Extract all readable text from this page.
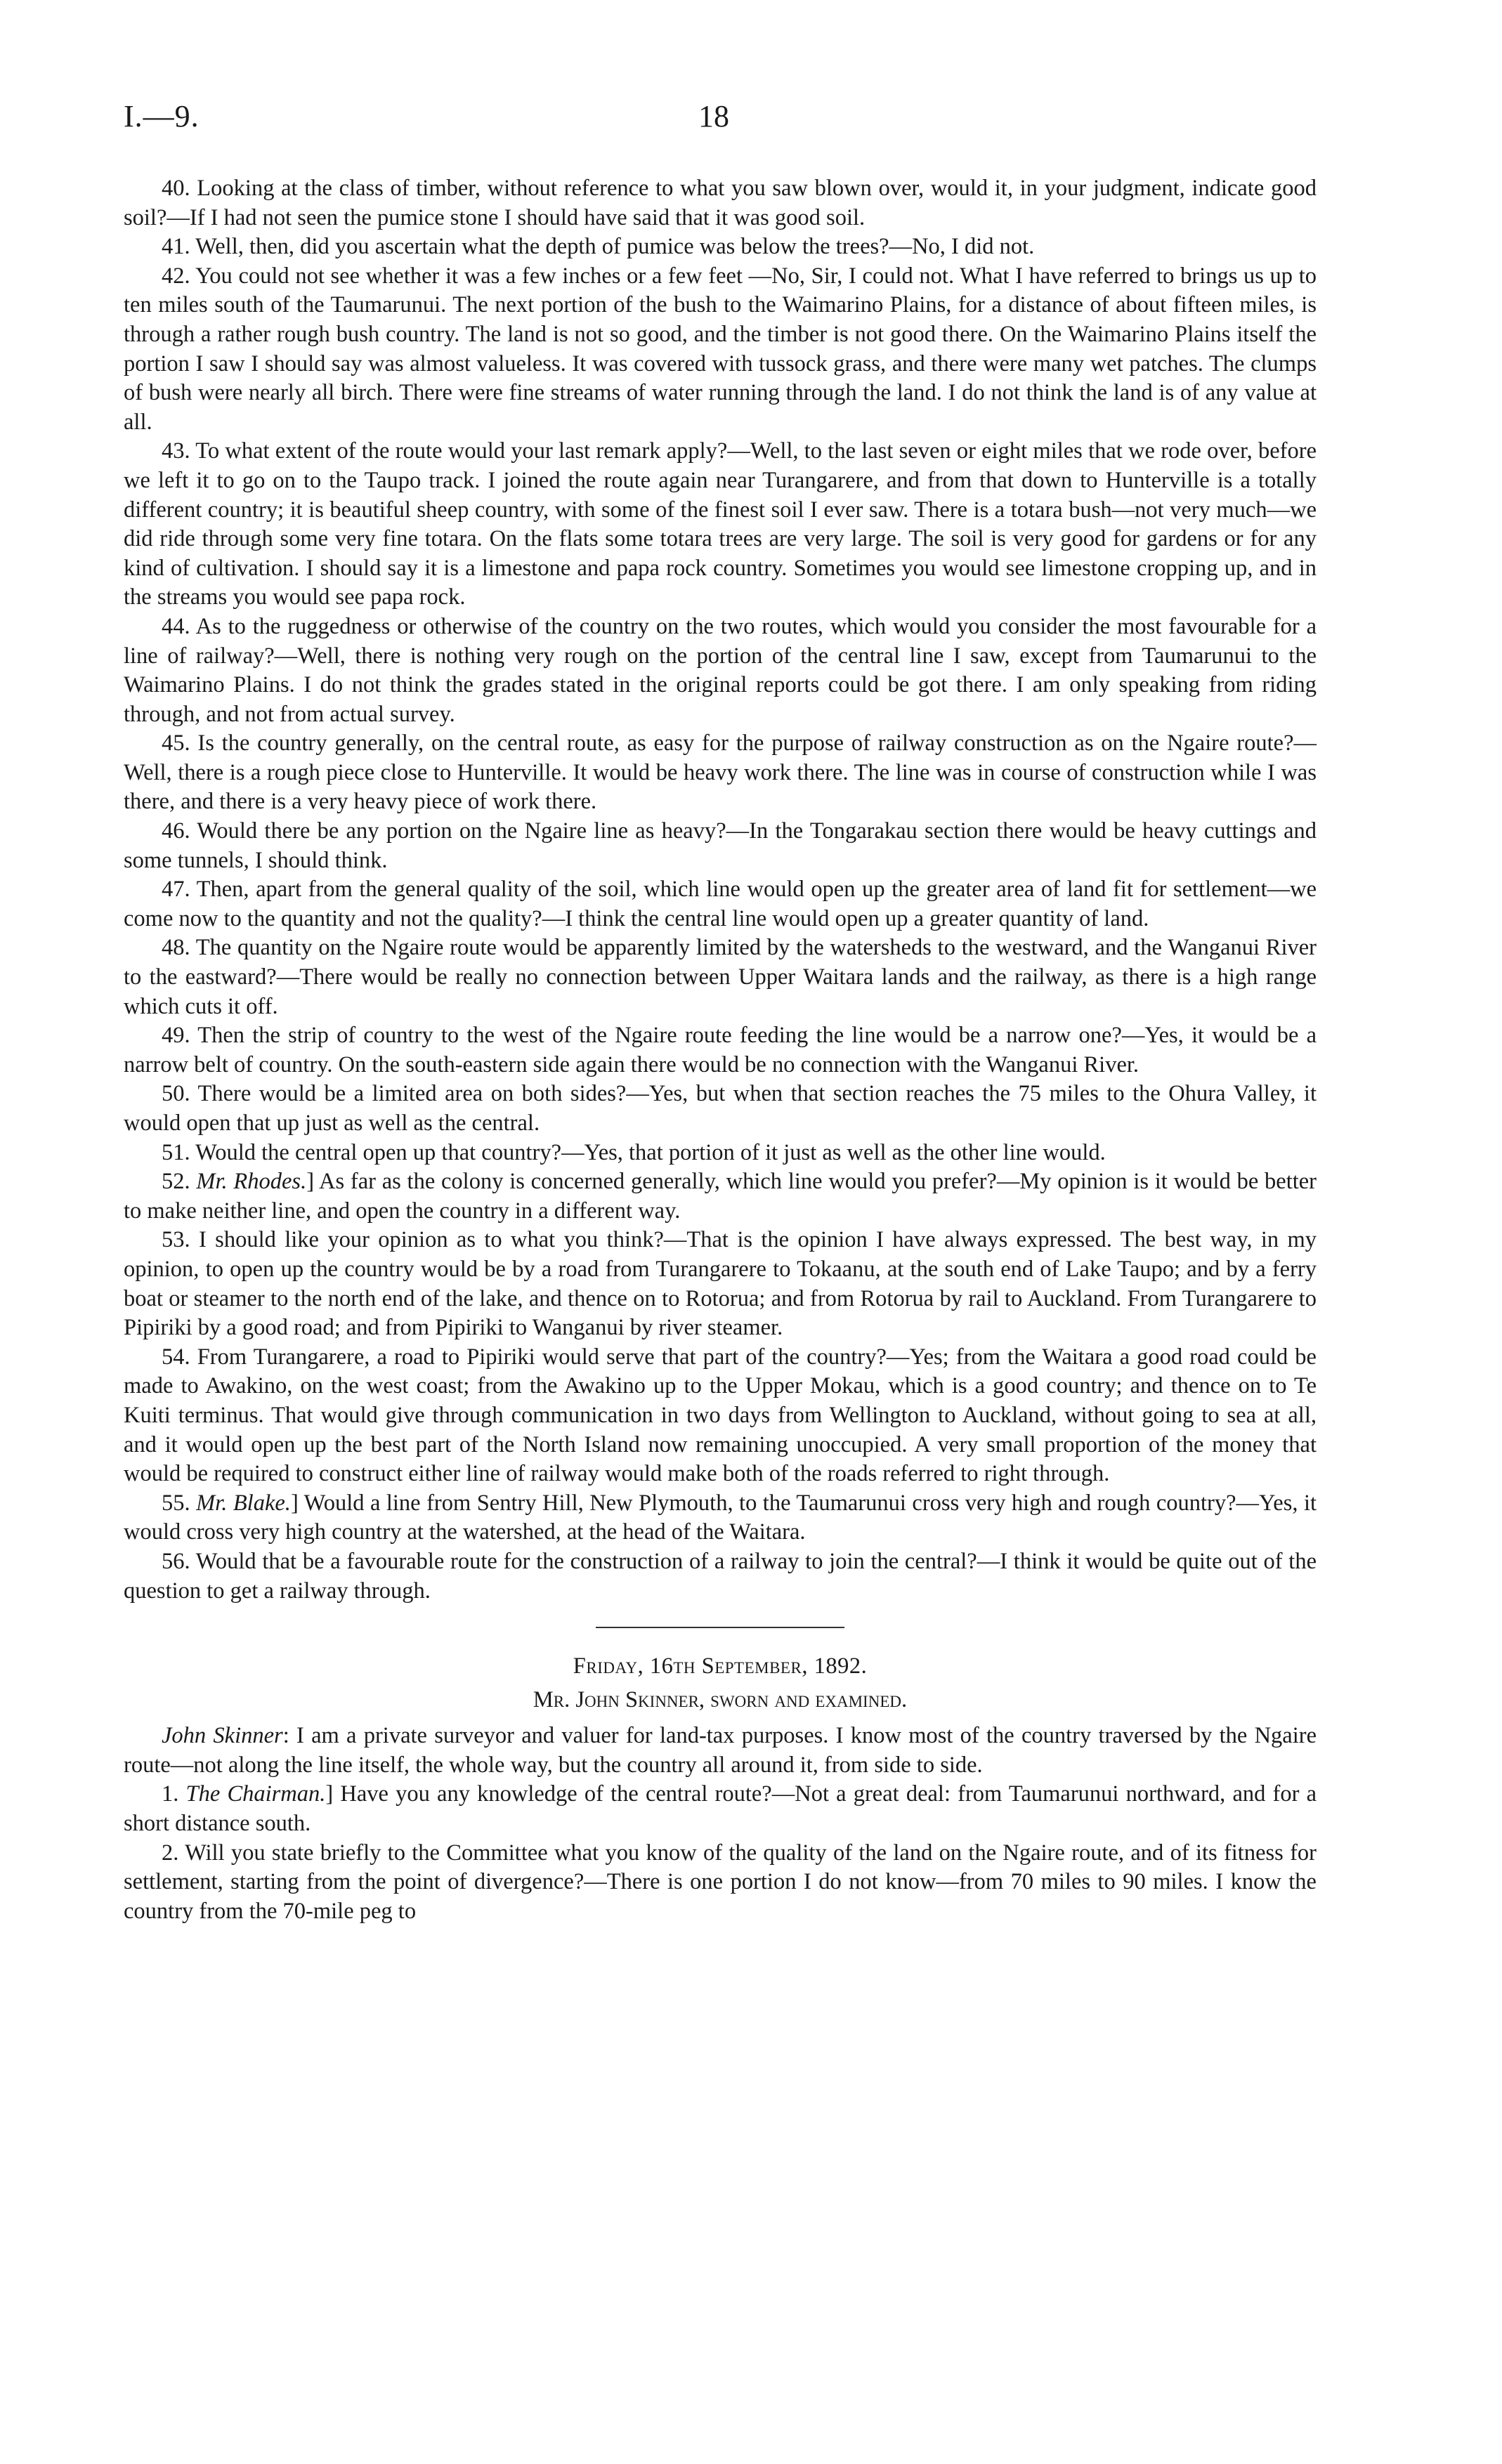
I.—9.	18

40. Looking at the class of timber, without reference to what you saw blown over, would it, in your judgment, indicate good soil?—If I had not seen the pumice stone I should have said that it was good soil.

41. Well, then, did you ascertain what the depth of pumice was below the trees?—No, I did not.

42. You could not see whether it was a few inches or a few feet —No, Sir, I could not. What I have referred to brings us up to ten miles south of the Taumarunui. The next portion of the bush to the Waimarino Plains, for a distance of about fifteen miles, is through a rather rough bush country. The land is not so good, and the timber is not good there. On the Waimarino Plains itself the portion I saw I should say was almost valueless. It was covered with tussock grass, and there were many wet patches. The clumps of bush were nearly all birch. There were fine streams of water running through the land. I do not think the land is of any value at all.

43. To what extent of the route would your last remark apply?—Well, to the last seven or eight miles that we rode over, before we left it to go on to the Taupo track. I joined the route again near Turangarere, and from that down to Hunterville is a totally different country; it is beautiful sheep country, with some of the finest soil I ever saw. There is a totara bush—not very much—we did ride through some very fine totara. On the flats some totara trees are very large. The soil is very good for gardens or for any kind of cultivation. I should say it is a limestone and papa rock country. Sometimes you would see limestone cropping up, and in the streams you would see papa rock.

44. As to the ruggedness or otherwise of the country on the two routes, which would you consider the most favourable for a line of railway?—Well, there is nothing very rough on the portion of the central line I saw, except from Taumarunui to the Waimarino Plains. I do not think the grades stated in the original reports could be got there. I am only speaking from riding through, and not from actual survey.

45. Is the country generally, on the central route, as easy for the purpose of railway construction as on the Ngaire route?—Well, there is a rough piece close to Hunterville. It would be heavy work there. The line was in course of construction while I was there, and there is a very heavy piece of work there.

46. Would there be any portion on the Ngaire line as heavy?—In the Tongarakau section there would be heavy cuttings and some tunnels, I should think.

47. Then, apart from the general quality of the soil, which line would open up the greater area of land fit for settlement—we come now to the quantity and not the quality?—I think the central line would open up a greater quantity of land.

48. The quantity on the Ngaire route would be apparently limited by the watersheds to the westward, and the Wanganui River to the eastward?—There would be really no connection between Upper Waitara lands and the railway, as there is a high range which cuts it off.

49. Then the strip of country to the west of the Ngaire route feeding the line would be a narrow one?—Yes, it would be a narrow belt of country. On the south-eastern side again there would be no connection with the Wanganui River.

50. There would be a limited area on both sides?—Yes, but when that section reaches the 75 miles to the Ohura Valley, it would open that up just as well as the central.

51. Would the central open up that country?—Yes, that portion of it just as well as the other line would.

52. Mr. Rhodes.] As far as the colony is concerned generally, which line would you prefer?—My opinion is it would be better to make neither line, and open the country in a different way.

53. I should like your opinion as to what you think?—That is the opinion I have always expressed. The best way, in my opinion, to open up the country would be by a road from Turangarere to Tokaanu, at the south end of Lake Taupo; and by a ferry boat or steamer to the north end of the lake, and thence on to Rotorua; and from Rotorua by rail to Auckland. From Turangarere to Pipiriki by a good road; and from Pipiriki to Wanganui by river steamer.

54. From Turangarere, a road to Pipiriki would serve that part of the country?—Yes; from the Waitara a good road could be made to Awakino, on the west coast; from the Awakino up to the Upper Mokau, which is a good country; and thence on to Te Kuiti terminus. That would give through communication in two days from Wellington to Auckland, without going to sea at all, and it would open up the best part of the North Island now remaining unoccupied. A very small proportion of the money that would be required to construct either line of railway would make both of the roads referred to right through.

55. Mr. Blake.] Would a line from Sentry Hill, New Plymouth, to the Taumarunui cross very high and rough country?—Yes, it would cross very high country at the watershed, at the head of the Waitara.

56. Would that be a favourable route for the construction of a railway to join the central?—I think it would be quite out of the question to get a railway through.

Friday, 16th September, 1892.
Mr. John Skinner, sworn and examined.

John Skinner: I am a private surveyor and valuer for land-tax purposes. I know most of the country traversed by the Ngaire route—not along the line itself, the whole way, but the country all around it, from side to side.

1. The Chairman.] Have you any knowledge of the central route?—Not a great deal: from Taumarunui northward, and for a short distance south.

2. Will you state briefly to the Committee what you know of the quality of the land on the Ngaire route, and of its fitness for settlement, starting from the point of divergence?—There is one portion I do not know—from 70 miles to 90 miles. I know the country from the 70-mile peg to
